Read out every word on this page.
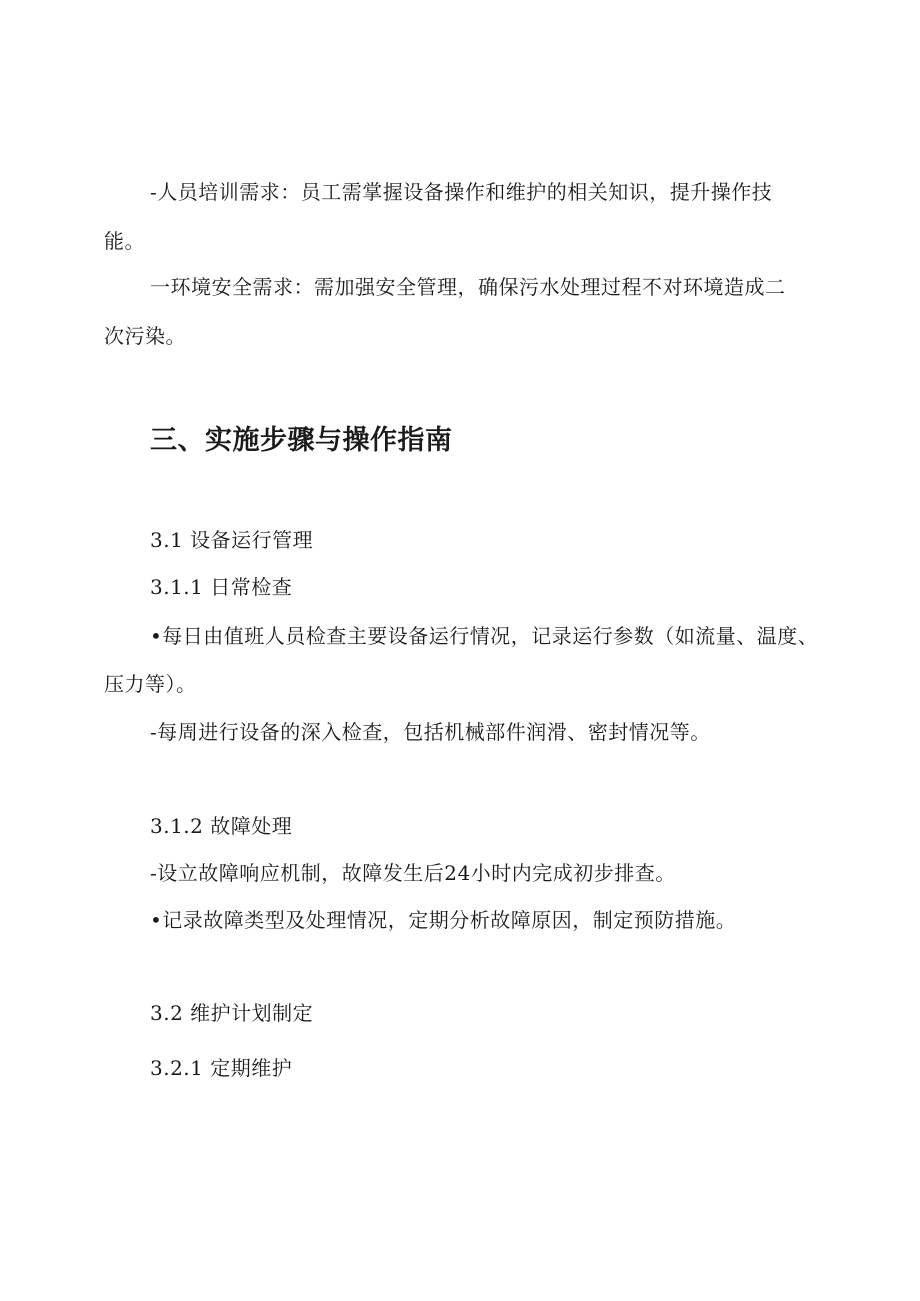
-人员培训需求：员工需掌握设备操作和维护的相关知识，提升操作技
能。
一环境安全需求：需加强安全管理，确保污水处理过程不对环境造成二
次污染。
三、实施步骤与操作指南
3.1 设备运行管理
3.1.1 日常检查
•每日由值班人员检查主要设备运行情况，记录运行参数（如流量、温度、
压力等）。
-每周进行设备的深入检查，包括机械部件润滑、密封情况等。
3.1.2 故障处理
-设立故障响应机制，故障发生后24小时内完成初步排查。
•记录故障类型及处理情况，定期分析故障原因，制定预防措施。
3.2 维护计划制定
3.2.1 定期维护
